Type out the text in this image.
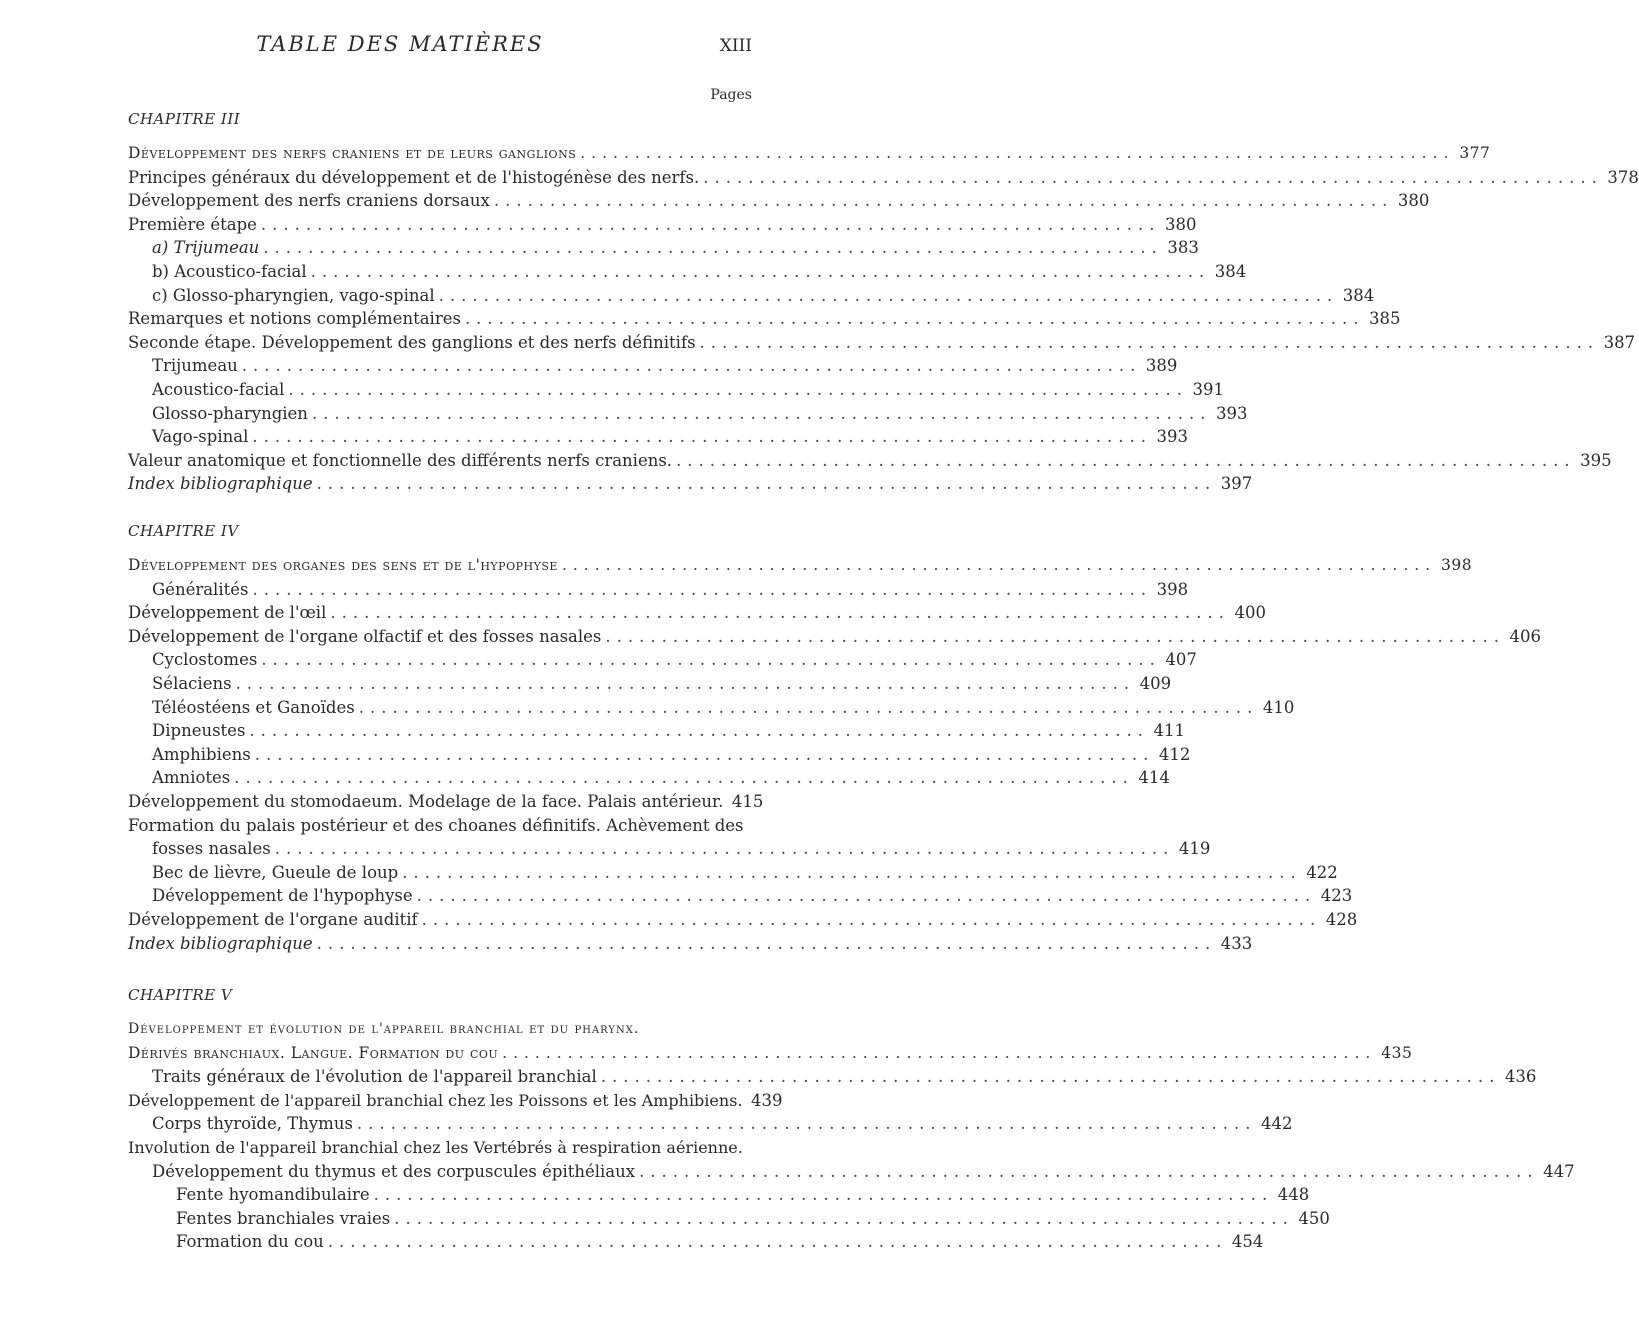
TABLE DES MATIÈRES	XIII
Pages
CHAPITRE III
Développement des nerfs craniens et de leurs ganglions ................................................................................ 377
Principes généraux du développement et de l'histogénèse des nerfs. ................................................................................ 378
Développement des nerfs craniens dorsaux ................................................................................ 380
Première étape ................................................................................ 380
a) Trijumeau ................................................................................ 383
b) Acoustico-facial ................................................................................ 384
c) Glosso-pharyngien, vago-spinal ................................................................................ 384
Remarques et notions complémentaires ................................................................................ 385
Seconde étape. Développement des ganglions et des nerfs définitifs ................................................................................ 387
Trijumeau ................................................................................ 389
Acoustico-facial ................................................................................ 391
Glosso-pharyngien ................................................................................ 393
Vago-spinal ................................................................................ 393
Valeur anatomique et fonctionnelle des différents nerfs craniens. ................................................................................ 395
Index bibliographique ................................................................................ 397
CHAPITRE IV
Développement des organes des sens et de l'hypophyse ................................................................................ 398
Généralités ................................................................................ 398
Développement de l'œil ................................................................................ 400
Développement de l'organe olfactif et des fosses nasales ................................................................................ 406
Cyclostomes ................................................................................ 407
Sélaciens ................................................................................ 409
Téléostéens et Ganoïdes ................................................................................ 410
Dipneustes ................................................................................ 411
Amphibiens ................................................................................ 412
Amniotes ................................................................................ 414
Développement du stomodaeum. Modelage de la face. Palais antérieur. 415
Formation du palais postérieur et des choanes définitifs. Achèvement des
fosses nasales ................................................................................ 419
Bec de lièvre, Gueule de loup ................................................................................ 422
Développement de l'hypophyse ................................................................................ 423
Développement de l'organe auditif ................................................................................ 428
Index bibliographique ................................................................................ 433
CHAPITRE V
Développement et évolution de l'appareil branchial et du pharynx.
Dérivés branchiaux. Langue. Formation du cou ................................................................................ 435
Traits généraux de l'évolution de l'appareil branchial ................................................................................ 436
Développement de l'appareil branchial chez les Poissons et les Amphibiens. 439
Corps thyroïde, Thymus ................................................................................ 442
Involution de l'appareil branchial chez les Vertébrés à respiration aérienne.
Développement du thymus et des corpuscules épithéliaux ................................................................................ 447
Fente hyomandibulaire ................................................................................ 448
Fentes branchiales vraies ................................................................................ 450
Formation du cou ................................................................................ 454
